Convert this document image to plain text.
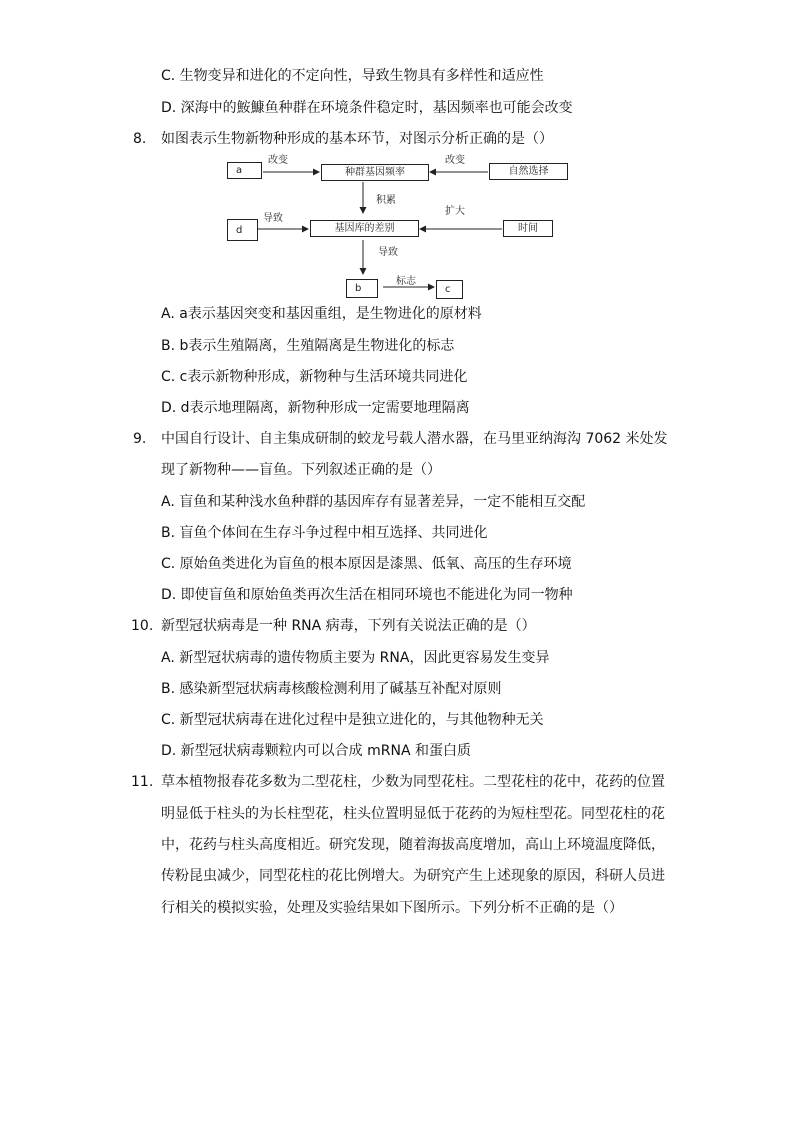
C. 生物变异和进化的不定向性，导致生物具有多样性和适应性
D. 深海中的鮟鱇鱼种群在环境条件稳定时，基因频率也可能会改变
8. 如图表示生物新物种形成的基本环节，对图示分析正确的是（）
a	种群基因频率	自然选择
d	基因库的差别	时间
b	c
改变	改变
积累
导致
扩大
导致
标志
A. a表示基因突变和基因重组，是生物进化的原材料
B. b表示生殖隔离，生殖隔离是生物进化的标志
C. c表示新物种形成，新物种与生活环境共同进化
D. d表示地理隔离，新物种形成一定需要地理隔离
9. 中国自行设计、自主集成研制的蛟龙号载人潜水器，在马里亚纳海沟 7062 米处发
现了新物种——盲鱼。下列叙述正确的是（）
A. 盲鱼和某种浅水鱼种群的基因库存有显著差异，一定不能相互交配
B. 盲鱼个体间在生存斗争过程中相互选择、共同进化
C. 原始鱼类进化为盲鱼的根本原因是漆黑、低氧、高压的生存环境
D. 即使盲鱼和原始鱼类再次生活在相同环境也不能进化为同一物种
10. 新型冠状病毒是一种 RNA 病毒，下列有关说法正确的是（）
A. 新型冠状病毒的遗传物质主要为 RNA，因此更容易发生变异
B. 感染新型冠状病毒核酸检测利用了碱基互补配对原则
C. 新型冠状病毒在进化过程中是独立进化的，与其他物种无关
D. 新型冠状病毒颗粒内可以合成 mRNA 和蛋白质
11. 草本植物报春花多数为二型花柱，少数为同型花柱。二型花柱的花中，花药的位置
明显低于柱头的为长柱型花，柱头位置明显低于花药的为短柱型花。同型花柱的花
中，花药与柱头高度相近。研究发现，随着海拔高度增加，高山上环境温度降低，
传粉昆虫减少，同型花柱的花比例增大。为研究产生上述现象的原因，科研人员进
行相关的模拟实验，处理及实验结果如下图所示。下列分析不正确的是（）
